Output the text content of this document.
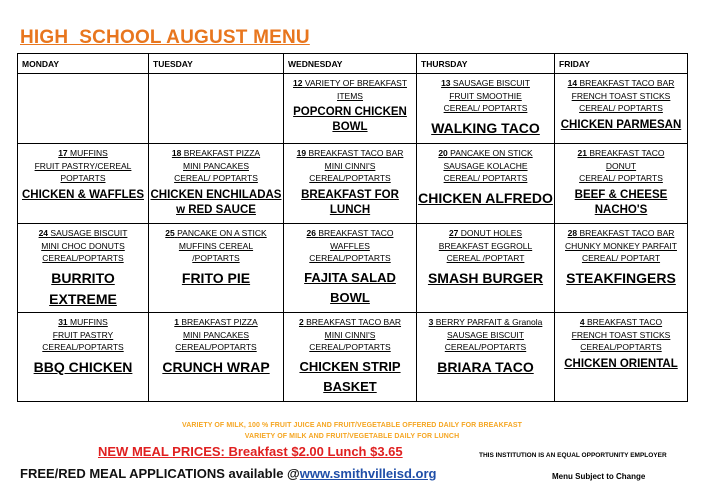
HIGH  SCHOOL AUGUST MENU
MONDAY	TUESDAY	WEDNESDAY	THURSDAY	FRIDAY

		12 VARIETY OF BREAKFAST
ITEMS
POPCORN CHICKEN
BOWL	13 SAUSAGE BISCUIT
FRUIT SMOOTHIE
CEREAL/ POPTARTS
WALKING TACO	14 BREAKFAST TACO BAR
FRENCH TOAST STICKS
CEREAL/ POPTARTS
CHICKEN PARMESAN

17 MUFFINS
FRUIT PASTRY/CEREAL
POPTARTS
CHICKEN & WAFFLES	18 BREAKFAST PIZZA
MINI PANCAKES
CEREAL/ POPTARTS
CHICKEN ENCHILADAS
w RED SAUCE	19 BREAKFAST TACO BAR
MINI CINNI'S
CEREAL/POPTARTS
BREAKFAST FOR
LUNCH	20 PANCAKE ON STICK
SAUSAGE KOLACHE
CEREAL/ POPTARTS
CHICKEN ALFREDO	21 BREAKFAST TACO
DONUT
CEREAL/ POPTARTS
BEEF & CHEESE NACHO'S

24 SAUSAGE BISCUIT
MINI CHOC DONUTS
CEREAL/POPTARTS
BURRITO EXTREME	25 PANCAKE ON A STICK
MUFFINS CEREAL
/POPTARTS
FRITO PIE	26 BREAKFAST TACO
WAFFLES
CEREAL/POPTARTS
FAJITA SALAD
BOWL	27 DONUT HOLES
BREAKFAST EGGROLL
CEREAL /POPTART
SMASH BURGER	28 BREAKFAST TACO BAR
CHUNKY MONKEY PARFAIT
CEREAL/ POPTART
STEAKFINGERS

31 MUFFINS
FRUIT PASTRY
CEREAL/POPTARTS
BBQ CHICKEN	1 BREAKFAST PIZZA
MINI PANCAKES
CEREAL/POPTARTS
CRUNCH WRAP	2 BREAKFAST TACO BAR
MINI CINNI'S
CEREAL/POPTARTS
CHICKEN STRIP
BASKET	3 BERRY PARFAIT & Granola
SAUSAGE BISCUIT
CEREAL/POPTARTS
BRIARA TACO	4 BREAKFAST TACO
FRENCH TOAST STICKS
CEREAL/POPTARTS
CHICKEN ORIENTAL
VARIETY OF MILK, 100 % FRUIT JUICE AND FRUIT/VEGETABLE OFFERED DAILY FOR BREAKFAST
VARIETY OF MILK AND FRUIT/VEGETABLE DAILY FOR LUNCH
NEW MEAL PRICES: Breakfast $2.00 Lunch $3.65	THIS INSTITUTION IS AN EQUAL OPPORTUNITY EMPLOYER
FREE/RED MEAL APPLICATIONS available @www.smithvilleisd.org	Menu Subject to Change
